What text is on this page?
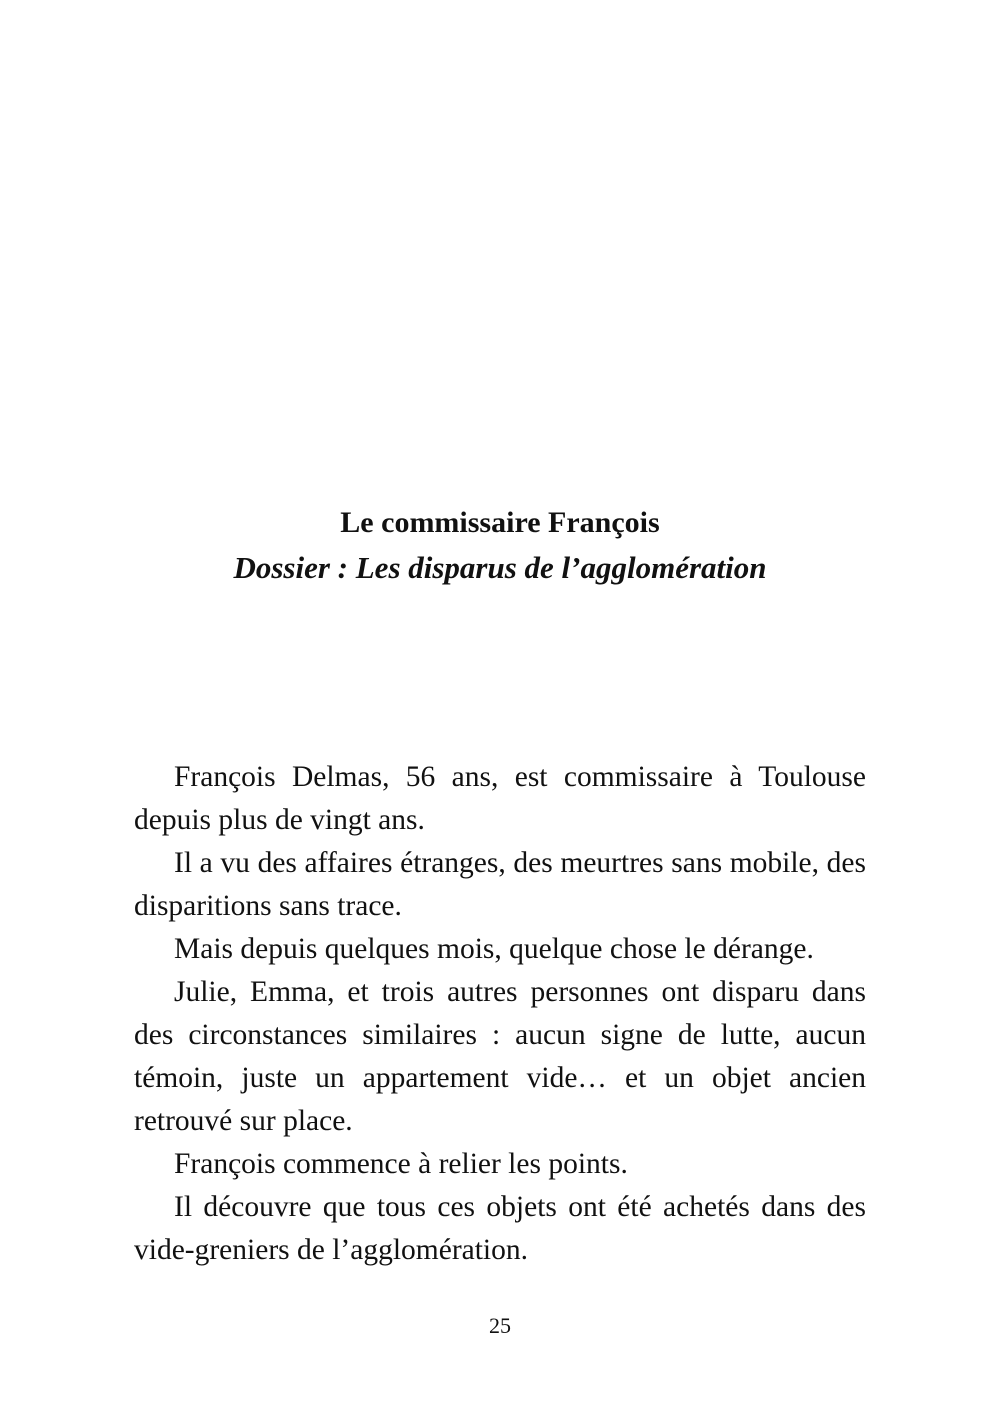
Le commissaire François
Dossier : Les disparus de l’agglomération

François Delmas, 56 ans, est commissaire à Toulouse depuis plus de vingt ans.

Il a vu des affaires étranges, des meurtres sans mobile, des disparitions sans trace.

Mais depuis quelques mois, quelque chose le dérange.

Julie, Emma, et trois autres personnes ont disparu dans des circonstances similaires : aucun signe de lutte, aucun témoin, juste un appartement vide… et un objet ancien retrouvé sur place.

François commence à relier les points.

Il découvre que tous ces objets ont été achetés dans des vide-greniers de l’agglomération.

25
